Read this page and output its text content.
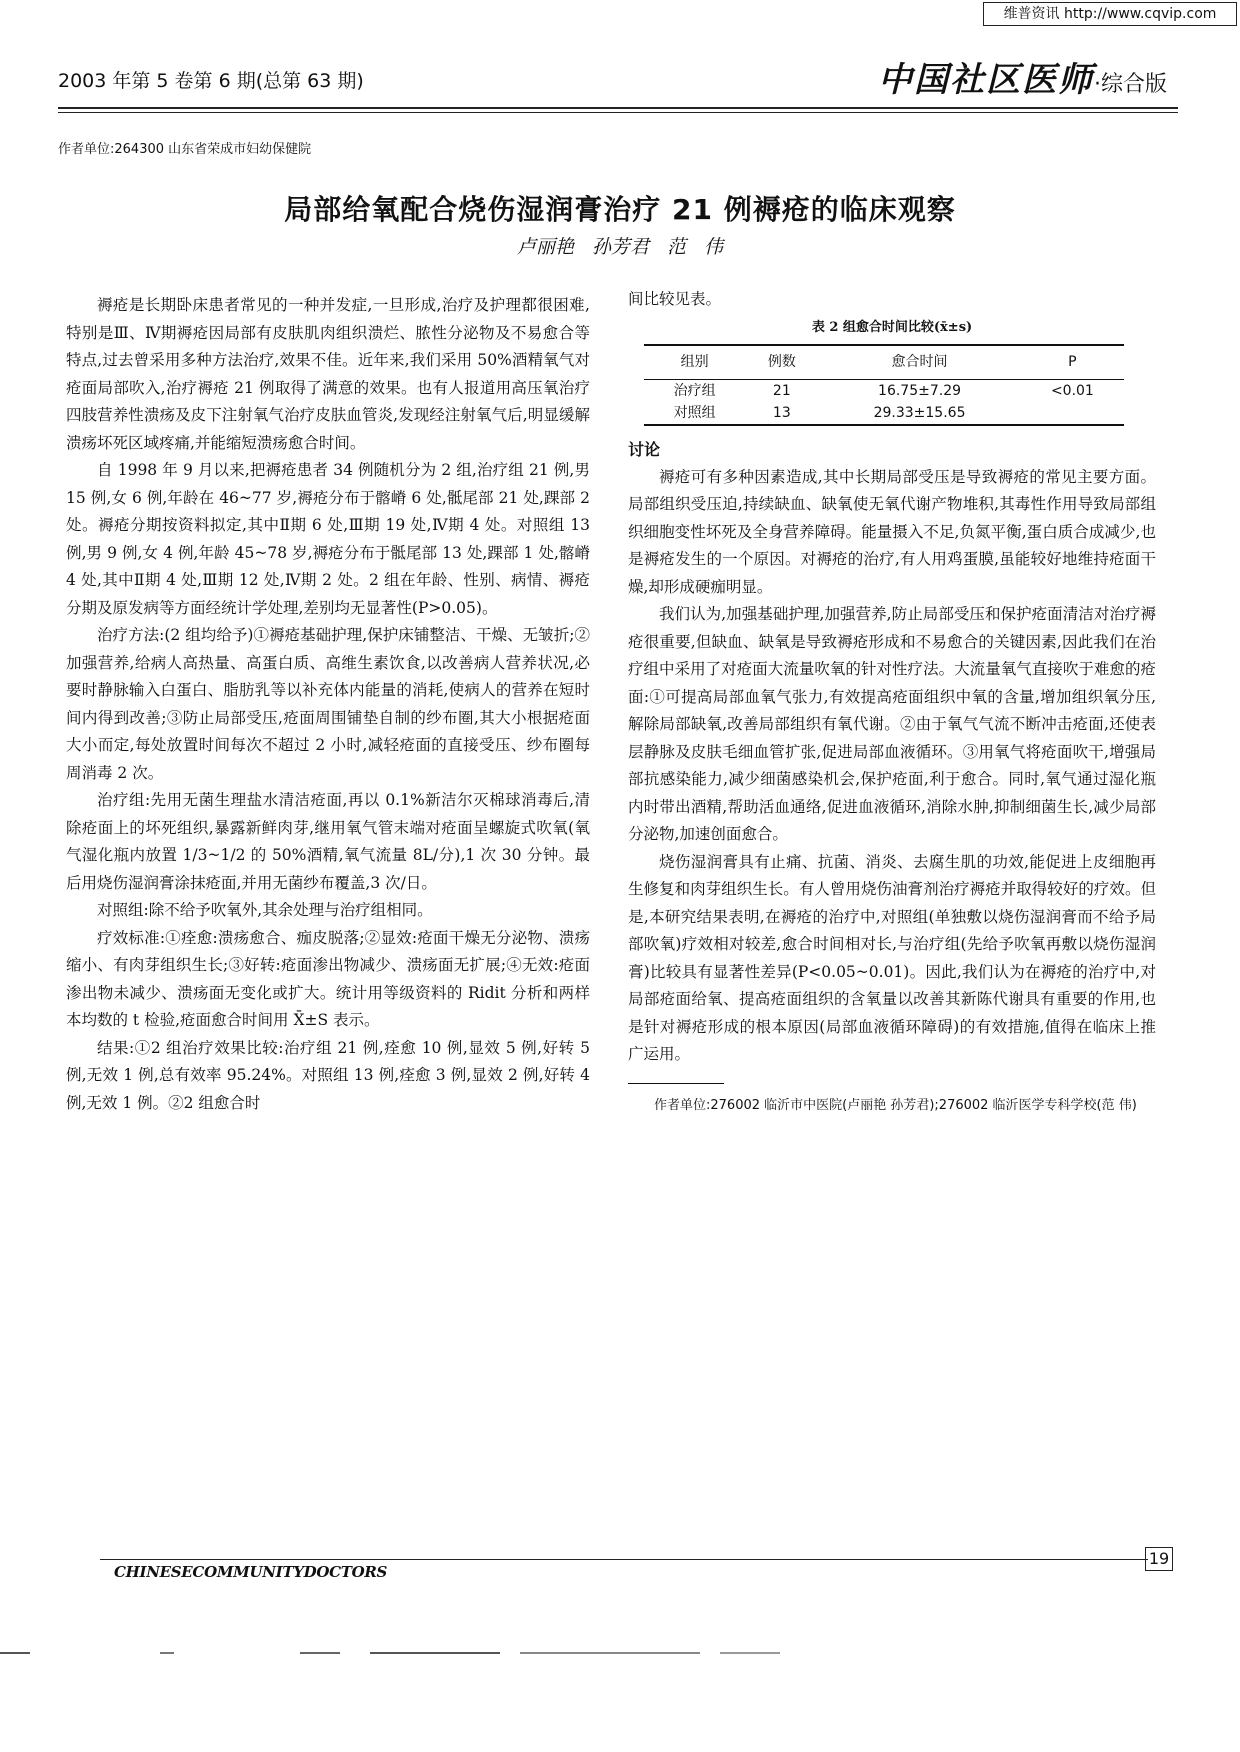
维普资讯 http://www.cqvip.com
2003 年第 5 卷第 6 期(总第 63 期)	中国社区医师·综合版
作者单位:264300 山东省荣成市妇幼保健院
局部给氧配合烧伤湿润膏治疗 21 例褥疮的临床观察
卢丽艳 孙芳君 范 伟

褥疮是长期卧床患者常见的一种并发症,一旦形成,治疗及护理都很困难,特别是Ⅲ、Ⅳ期褥疮因局部有皮肤肌肉组织溃烂、脓性分泌物及不易愈合等特点,过去曾采用多种方法治疗,效果不佳。近年来,我们采用 50%酒精氧气对疮面局部吹入,治疗褥疮 21 例取得了满意的效果。也有人报道用高压氧治疗四肢营养性溃疡及皮下注射氧气治疗皮肤血管炎,发现经注射氧气后,明显缓解溃疡坏死区域疼痛,并能缩短溃疡愈合时间。

自 1998 年 9 月以来,把褥疮患者 34 例随机分为 2 组,治疗组 21 例,男 15 例,女 6 例,年龄在 46~77 岁,褥疮分布于髂嵴 6 处,骶尾部 21 处,踝部 2 处。褥疮分期按资料拟定,其中Ⅱ期 6 处,Ⅲ期 19 处,Ⅳ期 4 处。对照组 13 例,男 9 例,女 4 例,年龄 45~78 岁,褥疮分布于骶尾部 13 处,踝部 1 处,髂嵴 4 处,其中Ⅱ期 4 处,Ⅲ期 12 处,Ⅳ期 2 处。2 组在年龄、性别、病情、褥疮分期及原发病等方面经统计学处理,差别均无显著性(P>0.05)。

治疗方法:(2 组均给予)①褥疮基础护理,保护床铺整洁、干燥、无皱折;②加强营养,给病人高热量、高蛋白质、高维生素饮食,以改善病人营养状况,必要时静脉输入白蛋白、脂肪乳等以补充体内能量的消耗,使病人的营养在短时间内得到改善;③防止局部受压,疮面周围铺垫自制的纱布圈,其大小根据疮面大小而定,每处放置时间每次不超过 2 小时,减轻疮面的直接受压、纱布圈每周消毒 2 次。

治疗组:先用无菌生理盐水清洁疮面,再以 0.1%新洁尔灭棉球消毒后,清除疮面上的坏死组织,暴露新鲜肉芽,继用氧气管末端对疮面呈螺旋式吹氧(氧气湿化瓶内放置 1/3~1/2 的 50%酒精,氧气流量 8L/分),1 次 30 分钟。最后用烧伤湿润膏涂抹疮面,并用无菌纱布覆盖,3 次/日。

对照组:除不给予吹氧外,其余处理与治疗组相同。

疗效标准:①痊愈:溃疡愈合、痂皮脱落;②显效:疮面干燥无分泌物、溃疡缩小、有肉芽组织生长;③好转:疮面渗出物减少、溃疡面无扩展;④无效:疮面渗出物未减少、溃疡面无变化或扩大。统计用等级资料的 Ridit 分析和两样本均数的 t 检验,疮面愈合时间用 X̄±S 表示。

结果:①2 组治疗效果比较:治疗组 21 例,痊愈 10 例,显效 5 例,好转 5 例,无效 1 例,总有效率 95.24%。对照组 13 例,痊愈 3 例,显效 2 例,好转 4 例,无效 1 例。②2 组愈合时

间比较见表。

表 2 组愈合时间比较(x̄±s)
组别	例数	愈合时间	P
治疗组	21	16.75±7.29	<0.01
对照组	13	29.33±15.65	

讨论

褥疮可有多种因素造成,其中长期局部受压是导致褥疮的常见主要方面。局部组织受压迫,持续缺血、缺氧使无氧代谢产物堆积,其毒性作用导致局部组织细胞变性坏死及全身营养障碍。能量摄入不足,负氮平衡,蛋白质合成减少,也是褥疮发生的一个原因。对褥疮的治疗,有人用鸡蛋膜,虽能较好地维持疮面干燥,却形成硬痂明显。

我们认为,加强基础护理,加强营养,防止局部受压和保护疮面清洁对治疗褥疮很重要,但缺血、缺氧是导致褥疮形成和不易愈合的关键因素,因此我们在治疗组中采用了对疮面大流量吹氧的针对性疗法。大流量氧气直接吹于难愈的疮面:①可提高局部血氧气张力,有效提高疮面组织中氧的含量,增加组织氧分压,解除局部缺氧,改善局部组织有氧代谢。②由于氧气气流不断冲击疮面,还使表层静脉及皮肤毛细血管扩张,促进局部血液循环。③用氧气将疮面吹干,增强局部抗感染能力,减少细菌感染机会,保护疮面,利于愈合。同时,氧气通过湿化瓶内时带出酒精,帮助活血通络,促进血液循环,消除水肿,抑制细菌生长,减少局部分泌物,加速创面愈合。

烧伤湿润膏具有止痛、抗菌、消炎、去腐生肌的功效,能促进上皮细胞再生修复和肉芽组织生长。有人曾用烧伤油膏剂治疗褥疮并取得较好的疗效。但是,本研究结果表明,在褥疮的治疗中,对照组(单独敷以烧伤湿润膏而不给予局部吹氧)疗效相对较差,愈合时间相对长,与治疗组(先给予吹氧再敷以烧伤湿润膏)比较具有显著性差异(P<0.05~0.01)。因此,我们认为在褥疮的治疗中,对局部疮面给氧、提高疮面组织的含氧量以改善其新陈代谢具有重要的作用,也是针对褥疮形成的根本原因(局部血液循环障碍)的有效措施,值得在临床上推广运用。

作者单位:276002 临沂市中医院(卢丽艳 孙芳君);276002 临沂医学专科学校(范 伟)

CHINESECOMMUNITYDOCTORS
19
